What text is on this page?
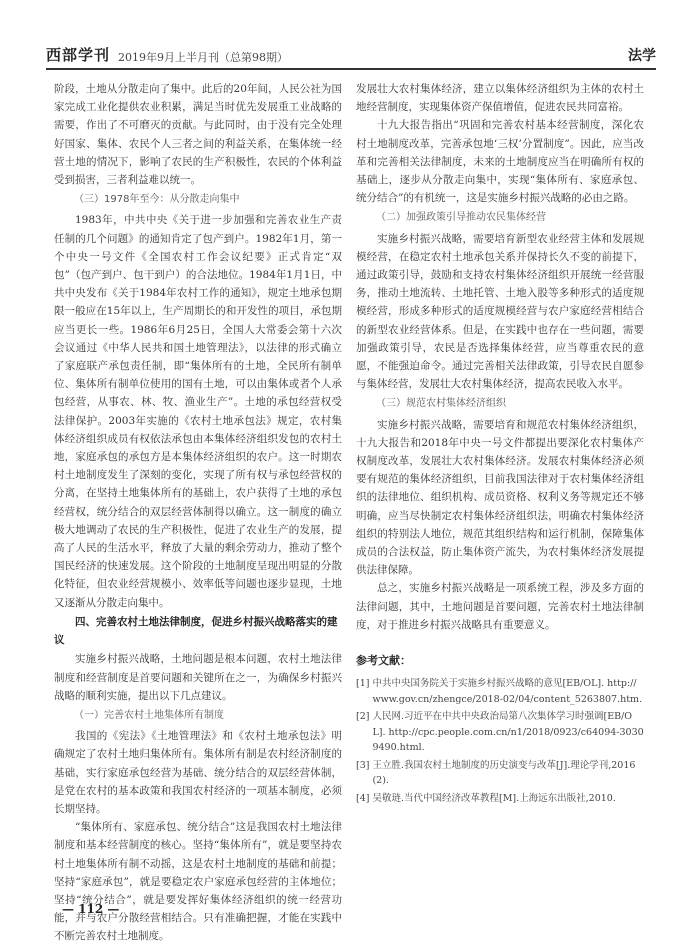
西部学刊 2019年9月上半月刊（总第98期）	法学

阶段，土地从分散走向了集中。此后的20年间，人民公社为国家完成工业化提供农业积累，满足当时优先发展重工业战略的需要，作出了不可磨灭的贡献。与此同时，由于没有完全处理好国家、集体、农民个人三者之间的利益关系，在集体统一经营土地的情况下，影响了农民的生产积极性，农民的个体利益受到损害，三者利益难以统一。

（三）1978年至今：从分散走向集中

1983年，中共中央《关于进一步加强和完善农业生产责任制的几个问题》的通知肯定了包产到户。1982年1月，第一个中央一号文件《全国农村工作会议纪要》正式肯定“双包”（包产到户、包干到户）的合法地位。1984年1月1日，中共中央发布《关于1984年农村工作的通知》，规定土地承包期限一般应在15年以上，生产周期长的和开发性的项目，承包期应当更长一些。1986年6月25日，全国人大常委会第十六次会议通过《中华人民共和国土地管理法》，以法律的形式确立了家庭联产承包责任制，即“集体所有的土地，全民所有制单位、集体所有制单位使用的国有土地，可以由集体或者个人承包经营，从事农、林、牧、渔业生产”。土地的承包经营权受法律保护。2003年实施的《农村土地承包法》规定，农村集体经济组织成员有权依法承包由本集体经济组织发包的农村土地，家庭承包的承包方是本集体经济组织的农户。这一时期农村土地制度发生了深刻的变化，实现了所有权与承包经营权的分离，在坚持土地集体所有的基础上，农户获得了土地的承包经营权，统分结合的双层经营体制得以确立。这一制度的确立极大地调动了农民的生产积极性，促进了农业生产的发展，提高了人民的生活水平，释放了大量的剩余劳动力，推动了整个国民经济的快速发展。这个阶段的土地制度呈现出明显的分散化特征，但农业经营规模小、效率低等问题也逐步显现，土地又逐渐从分散走向集中。

四、完善农村土地法律制度，促进乡村振兴战略落实的建议

实施乡村振兴战略，土地问题是根本问题，农村土地法律制度和经营制度是首要问题和关键所在之一，为确保乡村振兴战略的顺利实施，提出以下几点建议。

（一）完善农村土地集体所有制度

我国的《宪法》《土地管理法》和《农村土地承包法》明确规定了农村土地归集体所有。集体所有制是农村经济制度的基础，实行家庭承包经营为基础、统分结合的双层经营体制，是党在农村的基本政策和我国农村经济的一项基本制度，必须长期坚持。

“集体所有、家庭承包、统分结合”这是我国农村土地法律制度和基本经营制度的核心。坚持“集体所有”，就是要坚持农村土地集体所有制不动摇，这是农村土地制度的基础和前提；坚持“家庭承包”，就是要稳定农户家庭承包经营的主体地位；坚持“统分结合”，就是要发挥好集体经济组织的统一经营功能，并与农户分散经营相结合。只有准确把握，才能在实践中不断完善农村土地制度。

发展壮大农村集体经济，建立以集体经济组织为主体的农村土地经营制度，实现集体资产保值增值，促进农民共同富裕。

十九大报告指出“巩固和完善农村基本经营制度，深化农村土地制度改革，完善承包地‘三权’分置制度”。因此，应当改革和完善相关法律制度，未来的土地制度应当在明确所有权的基础上，逐步从分散走向集中，实现“集体所有、家庭承包、统分结合”的有机统一，这是实施乡村振兴战略的必由之路。

（二）加强政策引导推动农民集体经营

实施乡村振兴战略，需要培育新型农业经营主体和发展规模经营，在稳定农村土地承包关系并保持长久不变的前提下，通过政策引导，鼓励和支持农村集体经济组织开展统一经营服务，推动土地流转、土地托管、土地入股等多种形式的适度规模经营，形成多种形式的适度规模经营与农户家庭经营相结合的新型农业经营体系。但是，在实践中也存在一些问题，需要加强政策引导，农民是否选择集体经营，应当尊重农民的意愿，不能强迫命令。通过完善相关法律政策，引导农民自愿参与集体经营，发展壮大农村集体经济，提高农民收入水平。

（三）规范农村集体经济组织

实施乡村振兴战略，需要培育和规范农村集体经济组织，十九大报告和2018年中央一号文件都提出要深化农村集体产权制度改革，发展壮大农村集体经济。发展农村集体经济必须要有规范的集体经济组织，目前我国法律对于农村集体经济组织的法律地位、组织机构、成员资格、权利义务等规定还不够明确，应当尽快制定农村集体经济组织法，明确农村集体经济组织的特别法人地位，规范其组织结构和运行机制，保障集体成员的合法权益，防止集体资产流失，为农村集体经济发展提供法律保障。

总之，实施乡村振兴战略是一项系统工程，涉及多方面的法律问题，其中，土地问题是首要问题，完善农村土地法律制度，对于推进乡村振兴战略具有重要意义。

参考文献：
[1] 中共中央国务院关于实施乡村振兴战略的意见[EB/OL]. http://www.gov.cn/zhengce/2018-02/04/content_5263807.htm.
[2] 人民网.习近平在中共中央政治局第八次集体学习时强调[EB/OL]. http://cpc.people.com.cn/n1/2018/0923/c64094-30309490.html.
[3] 王立胜.我国农村土地制度的历史演变与改革[J].理论学刊,2016(2).
[4] 吴敬琏.当代中国经济改革教程[M].上海远东出版社,2010.
— 112 —
